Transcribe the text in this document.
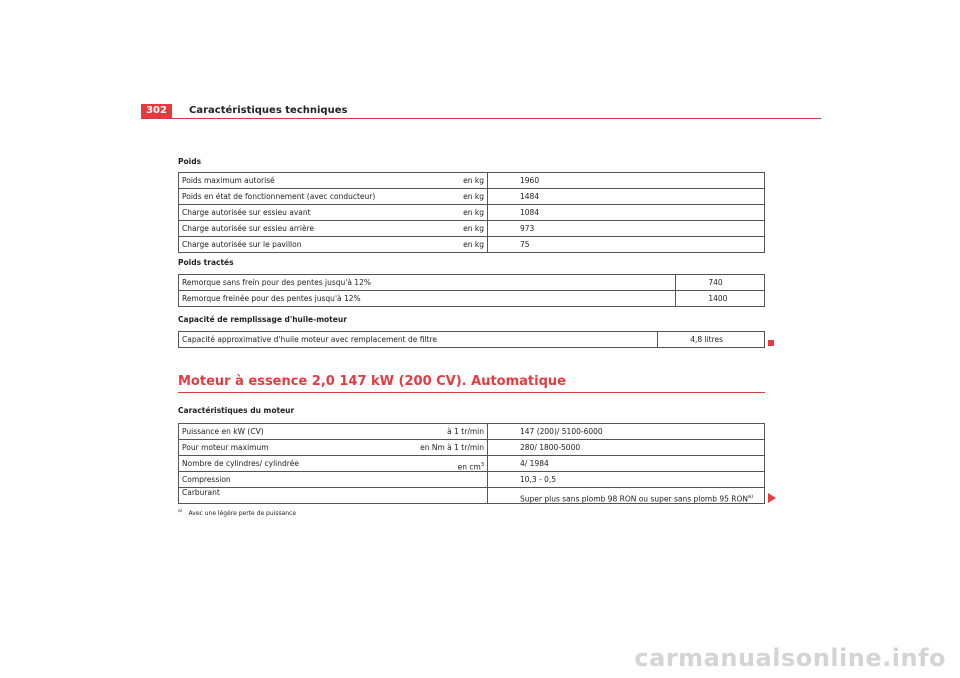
302	Caractéristiques techniques
Poids
Poids maximum autorisé	en kg	1960
Poids en état de fonctionnement (avec conducteur)	en kg	1484
Charge autorisée sur essieu avant	en kg	1084
Charge autorisée sur essieu arrière	en kg	973
Charge autorisée sur le pavillon	en kg	75
Poids tractés
Remorque sans frein pour des pentes jusqu'à 12%	740
Remorque freinée pour des pentes jusqu'à 12%	1400
Capacité de remplissage d'huile-moteur
Capacité approximative d'huile moteur avec remplacement de filtre	4,8 litres
Moteur à essence 2,0 147 kW (200 CV). Automatique
Caractéristiques du moteur
Puissance en kW (CV)	à 1 tr/min	147 (200)/ 5100-6000
Pour moteur maximum	en Nm à 1 tr/min	280/ 1800-5000
Nombre de cylindres/ cylindrée	en $cm^3$	4/ 1984
Compression		10,3 - 0,5
Carburant		Super plus sans plomb 98 RON ou super sans plomb 95 RON$^{a)}$
$^{a)}$ Avec une légère perte de puissance
carmanualsonline.info
